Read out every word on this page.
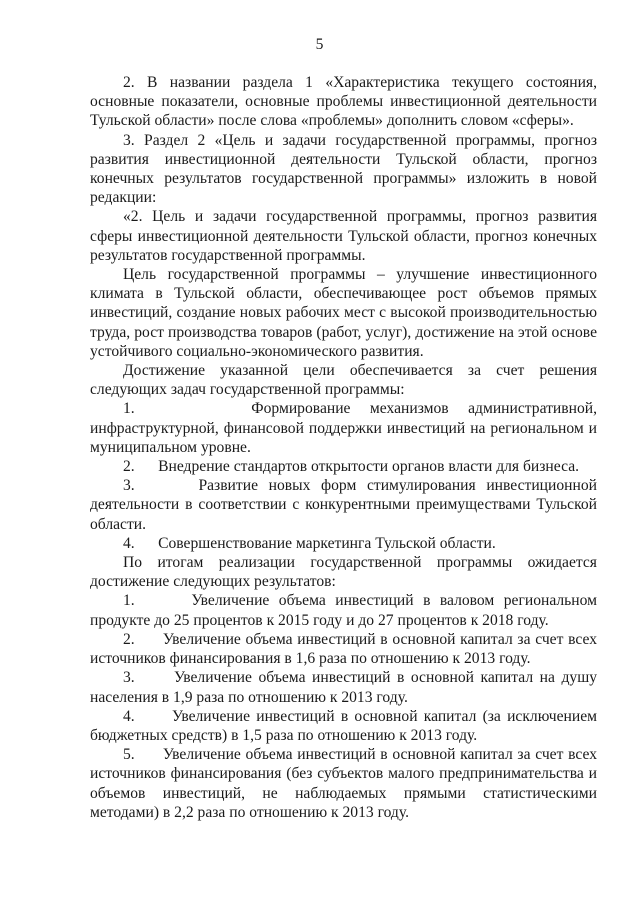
5

2. В названии раздела 1 «Характеристика текущего состояния, основные показатели, основные проблемы инвестиционной деятельности Тульской области» после слова «проблемы» дополнить словом «сферы».

3. Раздел 2 «Цель и задачи государственной программы, прогноз развития инвестиционной деятельности Тульской области, прогноз конечных результатов государственной программы» изложить в новой редакции:

«2. Цель и задачи государственной программы, прогноз развития сферы инвестиционной деятельности Тульской области, прогноз конечных результатов государственной программы.

Цель государственной программы – улучшение инвестиционного климата в Тульской области, обеспечивающее рост объемов прямых инвестиций, создание новых рабочих мест с высокой производительностью труда, рост производства товаров (работ, услуг), достижение на этой основе устойчивого социально-экономического развития.

Достижение указанной цели обеспечивается за счет решения следующих задач государственной программы:

1.      Формирование механизмов административной, инфраструктурной, финансовой поддержки инвестиций на региональном и муниципальном уровне.

2.      Внедрение стандартов открытости органов власти для бизнеса.

3.      Развитие новых форм стимулирования инвестиционной деятельности в соответствии с конкурентными преимуществами Тульской области.

4.      Совершенствование маркетинга Тульской области.

По итогам реализации государственной программы ожидается достижение следующих результатов:

1.      Увеличение объема инвестиций в валовом региональном продукте до 25 процентов к 2015 году и до 27 процентов к 2018 году.

2.      Увеличение объема инвестиций в основной капитал за счет всех источников финансирования в 1,6 раза по отношению к 2013 году.

3.      Увеличение объема инвестиций в основной капитал на душу населения в 1,9 раза по отношению к 2013 году.

4.      Увеличение инвестиций в основной капитал (за исключением бюджетных средств) в 1,5 раза по отношению к 2013 году.

5.      Увеличение объема инвестиций в основной капитал за счет всех источников финансирования (без субъектов малого предпринимательства и объемов инвестиций, не наблюдаемых прямыми статистическими методами) в 2,2 раза по отношению к 2013 году.
